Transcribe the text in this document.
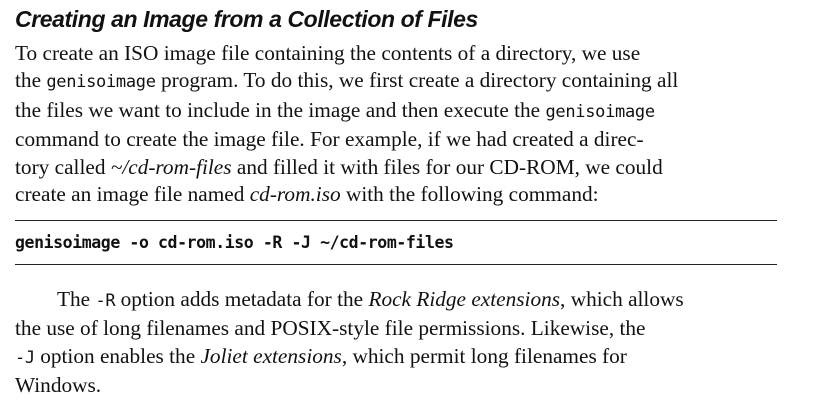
Creating an Image from a Collection of Files

To create an ISO image file containing the contents of a directory, we use
the genisoimage program. To do this, we first create a directory containing all
the files we want to include in the image and then execute the genisoimage
command to create the image file. For example, if we had created a direc-
tory called ~/cd-rom-files and filled it with files for our CD-ROM, we could
create an image file named cd-rom.iso with the following command:

genisoimage -o cd-rom.iso -R -J ~/cd-rom-files

The -R option adds metadata for the Rock Ridge extensions, which allows
the use of long filenames and POSIX-style file permissions. Likewise, the
-J option enables the Joliet extensions, which permit long filenames for
Windows.
